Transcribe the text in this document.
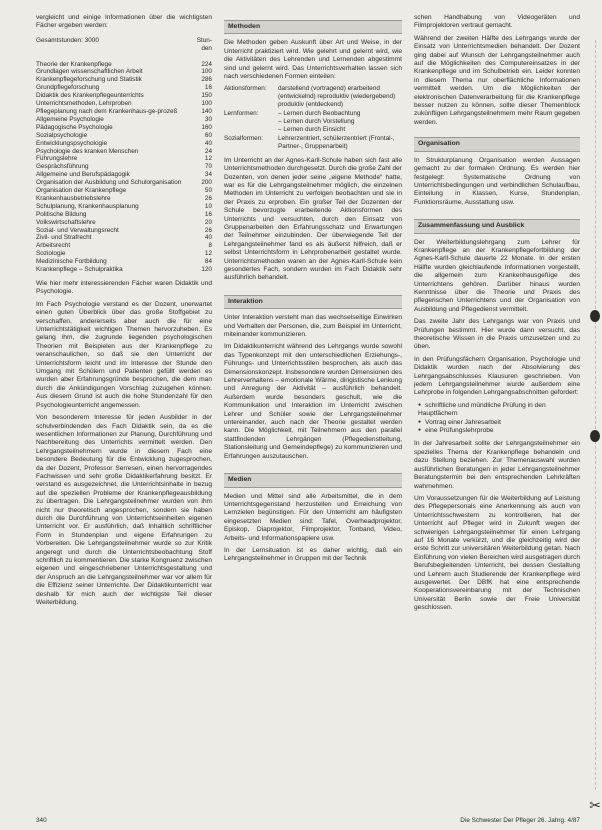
vergleicht und einige Informationen über die wichtigsten Fächer ergeben werden:

Gesamtstunden: 3000	Stun-den

Theorie der Krankenpflege	224
Grundlagen wissenschaftlichen Arbeit	100
Krankenpflegeforschung und Statistik	286
Grundpflegeforschung	16
Didaktik des Krankenpflegeunterrichts	150
Unterrichtsmethoden, Lehrproben	100
Pflegeplanung nach dem Krankenhaus-ge-prozeß	140
Allgemeine Psychologie	30
Pädagogische Psychologie	160
Sozialpsychologie	60
Entwicklungspsychologie	40
Psychologie des kranken Menschen	24
Führungslehre	12
Gesprächsführung	70
Allgemeine und Berufspädagogik	34
Organisation der Ausbildung und Schulorganisation	200
Organisation der Krankenpflege	50
Krankenhausbetriebslehre	26
Schulplanung, Krankenhausplanung	10
Politische Bildung	16
Volkswirtschaftslehre	20
Sozial- und Verwaltungsrecht	26
Zivil- und Strafrecht	40
Arbeitsrecht	8
Soziologie	12
Medizinische Fortbildung	84
Krankenpflege – Schulpraktika	120

Wie hier mehr interessierenden Fächer waren Didaktik und Psychologie.

Im Fach Psychologie verstand es der Dozent, unerwartet einen guten Überblick über das große Stoffgebiet zu verschaffen, andererseits aber auch die für eine Unterrichtstätigkeit wichtigen Themen hervorzuheben. Es gelang ihm, die zugrunde liegenden psychologischen Theorien mit Beispielen aus der Krankenpflege zu veranschaulichen, so daß sie den Unterricht der Unterrichtsform leicht und im Interesse der Stunde den Umgang mit Schülern und Patienten gefüllt werden es wurden aber Erfahrungsgründe besprochen, die dem man durch die Ankündigungen Vorschlag zuzugehen können. Aus diesem Grund ist auch die hohe Stundenzahl für den Psychologieunterricht angemessen.

Von besonderem Interesse für jeden Ausbilder in der schulverbindenden des Fach Didaktik sein, da es die wesentlichen Informationen zur Planung, Durchführung und Nachbereitung des Unterrichts vermittelt werden. Den Lehrgangsteilnehmern wurde in diesem Fach eine besondere Bedeutung für die Entwicklung zugesprochen, da der Dozent, Professor Serresen, einen hervorragendes Fachwissen und sehr große Didaktikerfahrung besitzt. Er verstand es ausgezeichnet, die Unterrichtsinhalte in bezug auf die speziellen Probleme der Krankenpflegeausbildung zu übertragen. Die Lehrgangsteilnehmer wurden von ihm nicht nur theoretisch angesprochen, sondern sie haben durch die Durchführung von Unterrichtseinheiten eigenen Unterricht vor. Er ausführlich, daß Inhaltlich schriftlicher Form in Stundenplan und eigene Erfahrungen zu Vorbereiten. Die Lehrgangsteilnehmer wurde so zur Kritik angeregt und durch die Unterrichtsbeobachtung Stoff schriftlich zu kommentieren. Die starke Kongruenz zwischen eigenen und eingeschriebener Unterrichtsgestaltung und der Anspruch an die Lehrgangsteilnehmer war vor allem für die Effizienz seiner Unterrichte. Der Didaktikunterricht war deshalb für mich auch der wichtigste Teil dieser Weiterbildung.

Methoden

Die Methoden geben Auskunft über Art und Weise, in der Unterricht praktiziert wird. Wie gelehrt und gelernt wird, wie die Aktivitäten des Lehrenden und Lernenden abgestimmt sind und gelernt wird. Das Unterrichtsverhalten lassen sich nach verschiedenen Formen einteilen:

Aktionsformen:	darstellend (vortragend) erarbeitend (entwickelnd) reproduktiv (wiedergebend) produktiv (entdeckend)
Lernformen:	– Lernen durch Beobachtung
– Lernen durch Vorstellung
– Lernen durch Einsicht
Sozialformen:	Lehrerzentriert, schülerzentriert (Frontal-, Partner-, Gruppenarbeit)

Im Unterricht an der Agnes-Karll-Schule haben sich fast alle Unterrichtsmethoden durchgesetzt. Durch die große Zahl der Dozenten, von denen jeder seine „eigene Methode“ hatte, war es für die Lehrgangsteilnehmer möglich, die einzelnen Methoden im Unterricht zu verfolgen beobachten und sie in der Praxis zu erproben. Ein großer Teil der Dozenten der Schule bevorzugte erarbeitende Aktionsformen des Unterrichts und versuchten, durch den Einsatz von Gruppenarbeiten den Erfahrungsschatz und Erwartungen der Teilnehmer einzubinden. Der überwiegende Teil der Lehrgangsteilnehmer fand es als äußerst hilfreich, daß er selbst Unterrichtsform in Lehrprobenarbeit gestaltet wurde. Unterrichtsmethoden waren an der Agnes-Karll-Schule kein gesondertes Fach, sondern wurden im Fach Didaktik sehr ausführlich behandelt.

Interaktion

Unter Interaktion versteht man das wechselseitige Einwirken und Verhalten der Personen, die, zum Beispiel im Unterricht, miteinander kommunizieren.

Im Didaktikunterricht während des Lehrgangs wurde sowohl das Typenkonzept mit den unterschiedlichen Erziehungs-, Führungs- und Unterrichtsstilen besprochen, als auch das Dimensionskonzept. Insbesondere wurden Dimensionen des Lehrerverhaltens – emotionale Wärme, dirigistische Lenkung und Anregung der Aktivität – ausführlich behandelt. Außerdem wurde besonders geschult, wie die Kommunikation und Interaktion im Unterricht zwischen Lehrer und Schüler sowie der Lehrgangsteilnehmer untereinander, auch nach der Theorie gestaltet werden kann. Die Möglichkeit, mit Teilnehmern aus den parallel stattfindenden Lehrgängen (Pflegedienstleitung, Stationsleitung und Gemeindepflege) zu kommunizieren und Erfahrungen auszutauschen.

Medien

Medien und Mittel sind alle Arbeitsmittel, die in dem Unterrichtsgegenstand herzustellen und Erreichung von Lernzielen begünstigen. Für den Unterricht am häufigsten eingesetzten Medien sind: Tafel, Overheadprojektor, Episkop, Diaprojektor, Filmprojektor, Tonband, Video, Arbeits- und Informationspapiere usw.

In der Lernsituation ist es daher wichtig, daß ein Lehrgangsteilnehmer in Gruppen mit der Technik

schen Handhabung von Videogeräten und Filmprojektoren vertraut gemacht.

Während der zweiten Hälfte des Lehrgangs wurde der Einsatz von Unterrichtsmedien behandelt. Der Dozent ging dabei auf Wunsch der Lehrgangsteilnehmer auch auf die Möglichkeiten des Computereinsatzes in der Krankenpflege und im Schulbetrieb ein. Leider konnten in diesem Thema nur oberflächliche Informationen vermittelt werden. Um die Möglichkeiten der elektronischen Datenverarbeitung für die Krankenpflege besser nutzen zu können, sollte dieser Themenblock zukünftigen Lehrgangsteilnehmern mehr Raum gegeben werden.

Organisation

In Strukturplanung Organisation werden Aussagen gemacht zu der formalen Ordnung. Es werden hier festgelegt: Systematische Ordnung von Unterrichtsbedingungen und verbindlichen Schulaufbau, Einteilung in Klassen, Kurse, Stundenplan, Funktionsräume, Ausstattung usw.

Zusammenfassung und Ausblick

Der Weiterbildungslehrgang zum Lehrer für Krankenpflege an der Krankenpflegefortbildung der Agnes-Karll-Schule dauerte 22 Monate. In der ersten Hälfte wurden gleichlaufende Informationen vorgestellt, die allgemein zum Krankenhausgefüge des Unterrichtens gehören. Darüber hinaus wurden Kenntnisse über die Theorie und Praxis des pflegerischen Unterrichtens und der Organisation von Ausbildung und Pflegedienst vermittelt.

Das zweite Jahr des Lehrgangs war von Praxis und Prüfungen bestimmt. Hier wurde dann versucht, das theoretische Wissen in die Praxis umzusetzen und zu üben.

In den Prüfungsfächern Organisation, Psychologie und Didaktik wurden nach der Absolvierung des Lehrgangsabschlusses Klausuren geschrieben. Von jedem Lehrgangsteilnehmer wurde außerdem eine Lehrprobe in folgenden Lehrgangsabschnitten gefordert:

● schriftliche und mündliche Prüfung in den Hauptfächern
● Vortrag einer Jahresarbeit
● eine Prüfungslehrprobe

In der Jahresarbeit sollte der Lehrgangsteilnehmer ein spezielles Thema der Krankenpflege behandeln und dazu Stellung beziehen. Zur Themenauswahl wurden ausführlichen Beratungen in jeder Lehrgangsteilnehmer Beratungstermin bei den entsprechenden Lehrkräften wahrnehmen.

Um Voraussetzungen für die Weiterbildung auf Leistung des Pflegepersonals eine Anerkennung als auch von Unterrichtsschwestern zu kontrollieren, hat der Unterricht auf Pfleger wird in Zukunft wegen der schwierigen Lehrgangsteilnehmer für einen Lehrgang auf 16 Monate verkürzt, und die gleichzeitig wird der erste Schritt zur universitären Weiterbildung getan. Nach Einführung von vielen Bereichen wird ausgetragen durch Berufsbegleitenden Unterricht, bei dessen Gestaltung und Lehrern auch Studierende der Krankenpflege wird ausgewertet. Der DBfK hat eine entsprechende Kooperationsvereinbarung mit der Technischen Universität Berlin sowie der Freie Universität geschlossen.

340	Die Schwester Der Pfleger 26. Jahrg. 4/87
✂
